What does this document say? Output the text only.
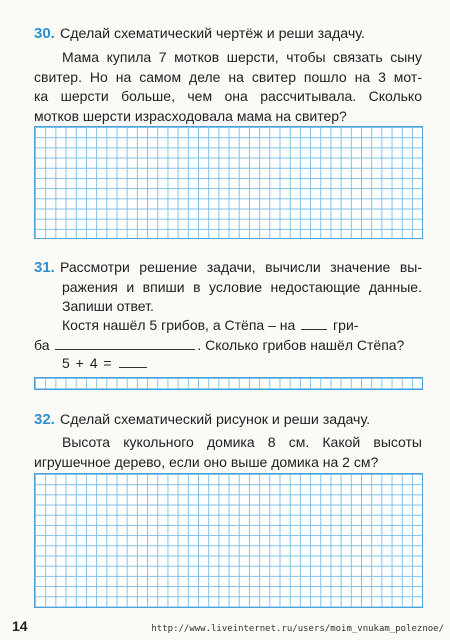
30. Сделай схематический чертёж и реши задачу.
Мама купила 7 мотков шерсти, чтобы связать сыну
свитер. Но на самом деле на свитер пошло на 3 мот-
ка шерсти больше, чем она рассчитывала. Сколько
мотков шерсти израсходовала мама на свитер?
31. Рассмотри решение задачи, вычисли значение вы-
ражения и впиши в условие недостающие данные.
Запиши ответ.
Костя нашёл 5 грибов, а Стёпа – на	гри-
ба	. Сколько грибов нашёл Стёпа?
5 + 4 =
32. Сделай схематический рисунок и реши задачу.
Высота кукольного домика 8 см. Какой высоты
игрушечное дерево, если оно выше домика на 2 см?
14	http://www.liveinternet.ru/users/moim_vnukam_poleznoe/
